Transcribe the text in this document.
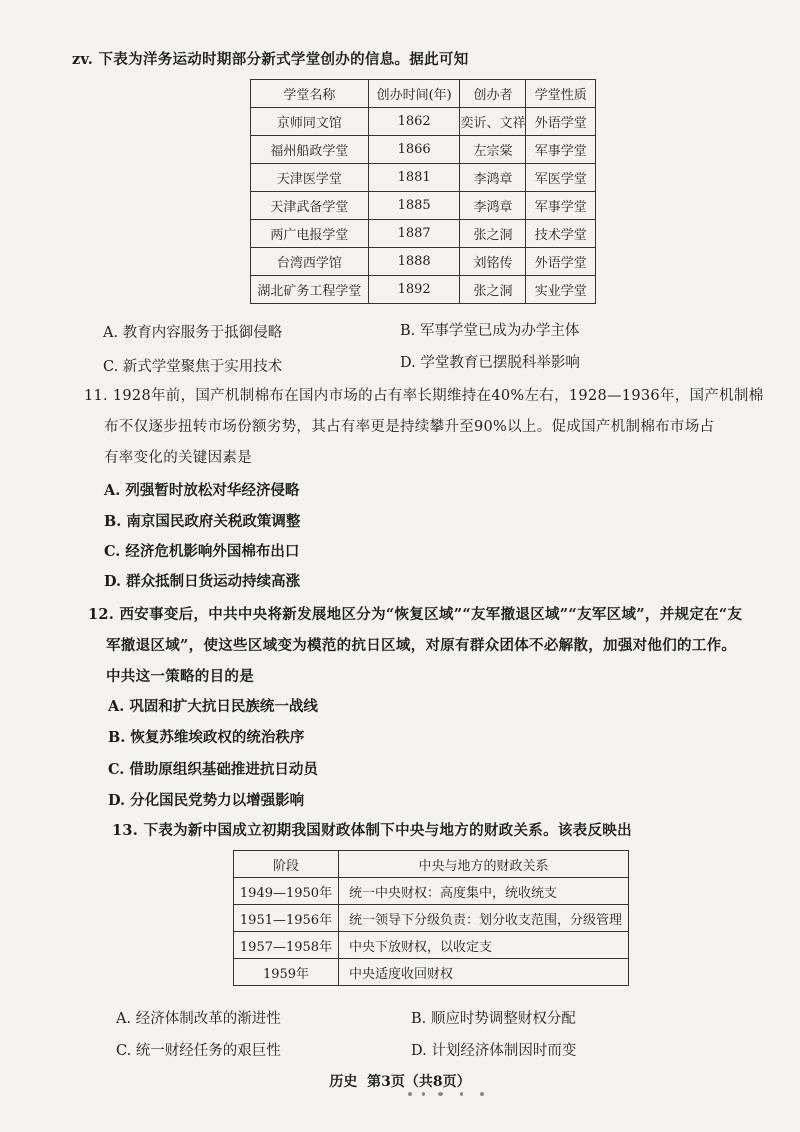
zv. 下表为洋务运动时期部分新式学堂创办的信息。据此可知
学堂名称	创办时间(年)	创办者	学堂性质
京师同文馆	1862	奕䜣、文祥	外语学堂
福州船政学堂	1866	左宗棠	军事学堂
天津医学堂	1881	李鸿章	军医学堂
天津武备学堂	1885	李鸿章	军事学堂
两广电报学堂	1887	张之洞	技术学堂
台湾西学馆	1888	刘铭传	外语学堂
湖北矿务工程学堂	1892	张之洞	实业学堂
A. 教育内容服务于抵御侵略	B. 军事学堂已成为办学主体
C. 新式学堂聚焦于实用技术	D. 学堂教育已摆脱科举影响
11. 1928年前，国产机制棉布在国内市场的占有率长期维持在40%左右，1928—1936年，国产机制棉
布不仅逐步扭转市场份额劣势，其占有率更是持续攀升至90%以上。促成国产机制棉布市场占
有率变化的关键因素是
A. 列强暂时放松对华经济侵略
B. 南京国民政府关税政策调整
C. 经济危机影响外国棉布出口
D. 群众抵制日货运动持续高涨
12. 西安事变后，中共中央将新发展地区分为“恢复区域”“友军撤退区域”“友军区域”，并规定在“友
军撤退区域”，使这些区域变为模范的抗日区域，对原有群众团体不必解散，加强对他们的工作。
中共这一策略的目的是
A. 巩固和扩大抗日民族统一战线
B. 恢复苏维埃政权的统治秩序
C. 借助原组织基础推进抗日动员
D. 分化国民党势力以增强影响
13. 下表为新中国成立初期我国财政体制下中央与地方的财政关系。该表反映出
阶段	中央与地方的财政关系
1949—1950年	统一中央财权：高度集中，统收统支
1951—1956年	统一领导下分级负责：划分收支范围，分级管理
1957—1958年	中央下放财权，以收定支
1959年	中央适度收回财权
A. 经济体制改革的渐进性	B. 顺应时势调整财权分配
C. 统一财经任务的艰巨性	D. 计划经济体制因时而变
历史  第3页（共8页）
